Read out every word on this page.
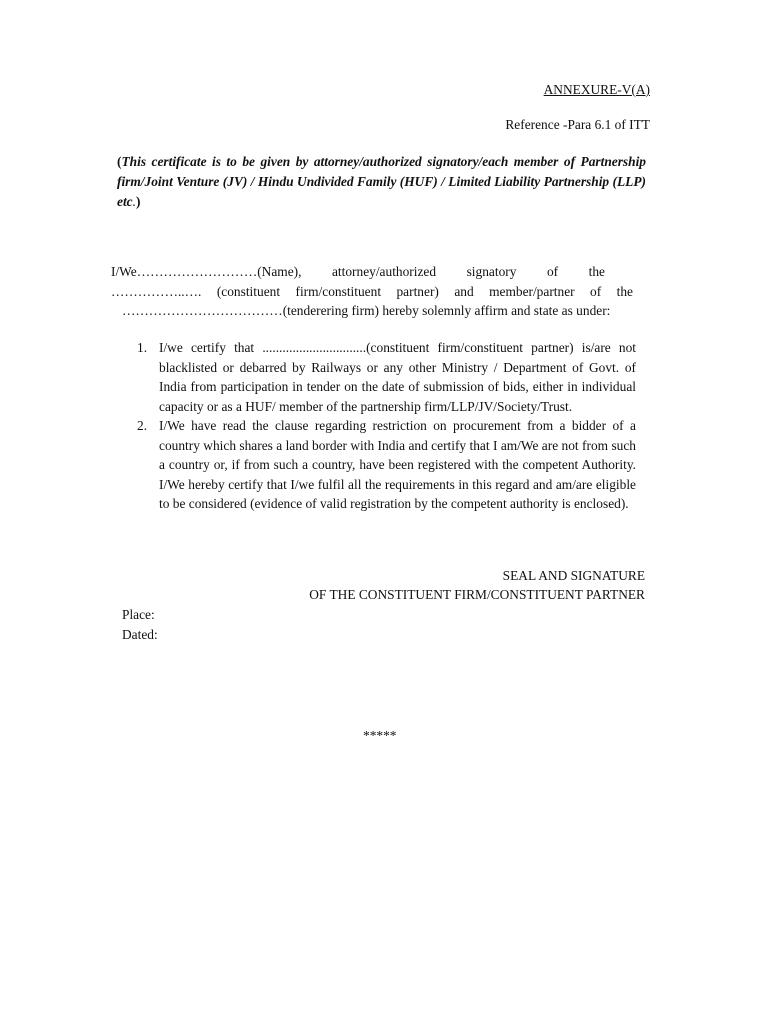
ANNEXURE-V(A)
Reference -Para 6.1 of ITT
(This certificate is to be given by attorney/authorized signatory/each member of Partnership firm/Joint Venture (JV) / Hindu Undivided Family (HUF) / Limited Liability Partnership (LLP) etc.)
I/We………………………(Name), attorney/authorized signatory of the
……………..…. (constituent firm/constituent partner) and member/partner of the
………………………………(tenderering firm) hereby solemnly affirm and state as under:
1. I/we certify that ...............................(constituent firm/constituent partner) is/are not blacklisted or debarred by Railways or any other Ministry / Department of Govt. of India from participation in tender on the date of submission of bids, either in individual capacity or as a HUF/ member of the partnership firm/LLP/JV/Society/Trust.
2. I/We have read the clause regarding restriction on procurement from a bidder of a country which shares a land border with India and certify that I am/We are not from such a country or, if from such a country, have been registered with the competent Authority. I/We hereby certify that I/we fulfil all the requirements in this regard and am/are eligible to be considered (evidence of valid registration by the competent authority is enclosed).
SEAL AND SIGNATURE
OF THE CONSTITUENT FIRM/CONSTITUENT PARTNER
Place:
Dated:
*****
